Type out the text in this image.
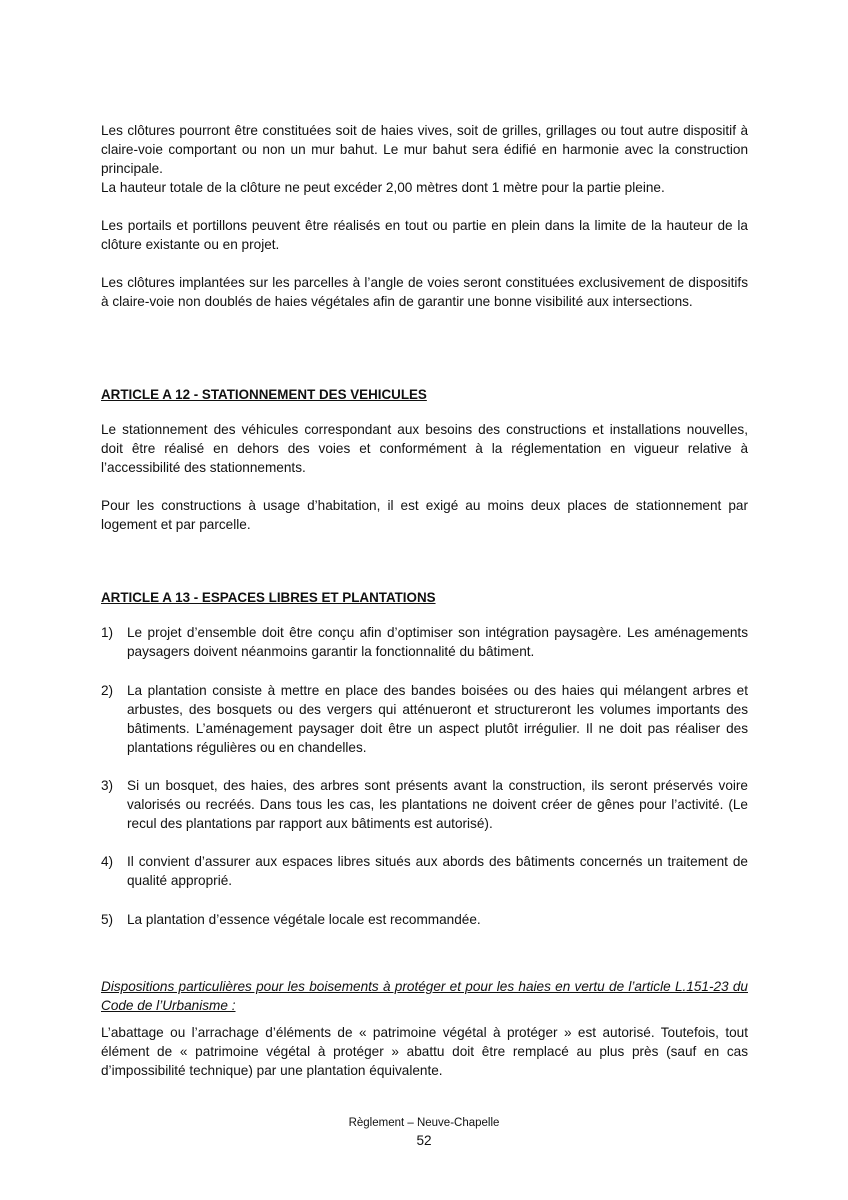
Les clôtures pourront être constituées soit de haies vives, soit de grilles, grillages ou tout autre dispositif à claire-voie comportant ou non un mur bahut. Le mur bahut sera édifié en harmonie avec la construction principale.

La hauteur totale de la clôture ne peut excéder 2,00 mètres dont 1 mètre pour la partie pleine.

Les portails et portillons peuvent être réalisés en tout ou partie en plein dans la limite de la hauteur de la clôture existante ou en projet.

Les clôtures implantées sur les parcelles à l’angle de voies seront constituées exclusivement de dispositifs à claire-voie non doublés de haies végétales afin de garantir une bonne visibilité aux intersections.

ARTICLE A 12 - STATIONNEMENT DES VEHICULES

Le stationnement des véhicules correspondant aux besoins des constructions et installations nouvelles, doit être réalisé en dehors des voies et conformément à la réglementation en vigueur relative à l’accessibilité des stationnements.

Pour les constructions à usage d’habitation, il est exigé au moins deux places de stationnement par logement et par parcelle.

ARTICLE A 13 - ESPACES LIBRES ET PLANTATIONS
1)	Le projet d’ensemble doit être conçu afin d’optimiser son intégration paysagère. Les aménagements paysagers doivent néanmoins garantir la fonctionnalité du bâtiment.
2)	La plantation consiste à mettre en place des bandes boisées ou des haies qui mélangent arbres et arbustes, des bosquets ou des vergers qui atténueront et structureront les volumes importants des bâtiments. L’aménagement paysager doit être un aspect plutôt irrégulier. Il ne doit pas réaliser des plantations régulières ou en chandelles.
3)	Si un bosquet, des haies, des arbres sont présents avant la construction, ils seront préservés voire valorisés ou recréés. Dans tous les cas, les plantations ne doivent créer de gênes pour l’activité. (Le recul des plantations par rapport aux bâtiments est autorisé).
4)	Il convient d’assurer aux espaces libres situés aux abords des bâtiments concernés un traitement de qualité approprié.
5)	La plantation d’essence végétale locale est recommandée.

Dispositions particulières pour les boisements à protéger et pour les haies en vertu de l’article L.151-23 du Code de l’Urbanisme :

L’abattage ou l’arrachage d’éléments de « patrimoine végétal à protéger » est autorisé. Toutefois, tout élément de « patrimoine végétal à protéger » abattu doit être remplacé au plus près (sauf en cas d’impossibilité technique) par une plantation équivalente.

Règlement – Neuve-Chapelle
52
